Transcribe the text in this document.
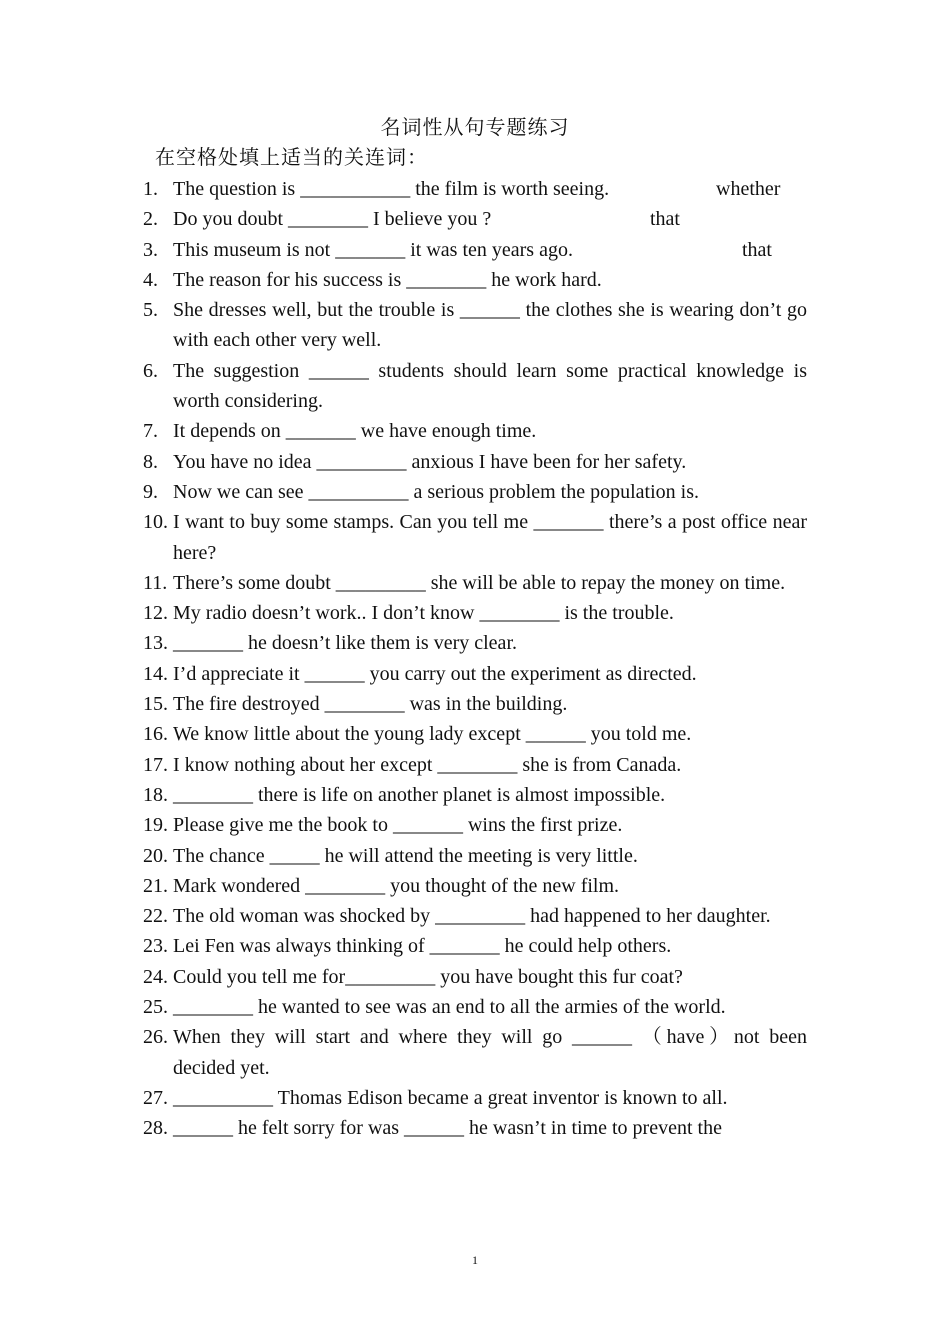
名词性从句专题练习
在空格处填上适当的关连词：
1. The question is ___________ the film is worth seeing.	whether
2. Do you doubt ________ I believe you ?	that
3. This museum is not _______ it was ten years ago.	that
4. The reason for his success is ________ he work hard.
5. She dresses well, but the trouble is ______ the clothes she is wearing don’t go with each other very well.
6. The suggestion ______ students should learn some practical knowledge is worth considering.
7. It depends on _______ we have enough time.
8. You have no idea _________ anxious I have been for her safety.
9. Now we can see __________ a serious problem the population is.
10. I want to buy some stamps. Can you tell me _______ there’s a post office near here?
11. There’s some doubt _________ she will be able to repay the money on time.
12. My radio doesn’t work.. I don’t know ________ is the trouble.
13. _______ he doesn’t like them is very clear.
14. I’d appreciate it ______ you carry out the experiment as directed.
15. The fire destroyed ________ was in the building.
16. We know little about the young lady except ______ you told me.
17. I know nothing about her except ________ she is from Canada.
18. ________ there is life on another planet is almost impossible.
19. Please give me the book to _______ wins the first prize.
20. The chance _____ he will attend the meeting is very little.
21. Mark wondered ________ you thought of the new film.
22. The old woman was shocked by _________ had happened to her daughter.
23. Lei Fen was always thinking of _______ he could help others.
24. Could you tell me for_________ you have bought this fur coat?
25. ________ he wanted to see was an end to all the armies of the world.
26. When they will start and where they will go ______ （have）not been decided yet.
27. __________ Thomas Edison became a great inventor is known to all.
28. ______ he felt sorry for was ______ he wasn’t in time to prevent the
1
